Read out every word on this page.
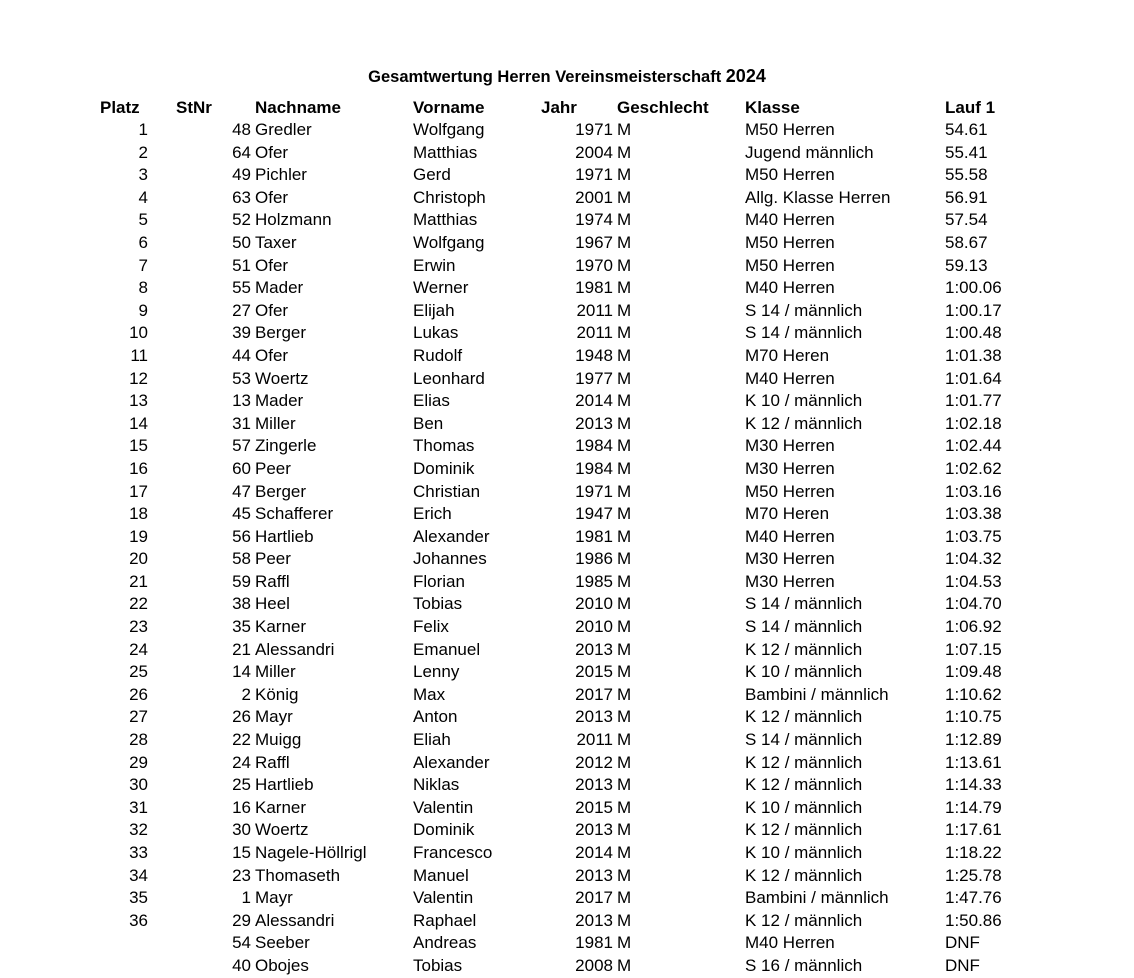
Gesamtwertung Herren Vereinsmeisterschaft 2024
Platz	StNr	Nachname	Vorname	Jahr	Geschlecht	Klasse	Lauf 1
1	48	Gredler	Wolfgang	1971	M	M50 Herren	54.61
2	64	Ofer	Matthias	2004	M	Jugend männlich	55.41
3	49	Pichler	Gerd	1971	M	M50 Herren	55.58
4	63	Ofer	Christoph	2001	M	Allg. Klasse Herren	56.91
5	52	Holzmann	Matthias	1974	M	M40 Herren	57.54
6	50	Taxer	Wolfgang	1967	M	M50 Herren	58.67
7	51	Ofer	Erwin	1970	M	M50 Herren	59.13
8	55	Mader	Werner	1981	M	M40 Herren	1:00.06
9	27	Ofer	Elijah	2011	M	S 14 / männlich	1:00.17
10	39	Berger	Lukas	2011	M	S 14 / männlich	1:00.48
11	44	Ofer	Rudolf	1948	M	M70 Heren	1:01.38
12	53	Woertz	Leonhard	1977	M	M40 Herren	1:01.64
13	13	Mader	Elias	2014	M	K 10 / männlich	1:01.77
14	31	Miller	Ben	2013	M	K 12 / männlich	1:02.18
15	57	Zingerle	Thomas	1984	M	M30 Herren	1:02.44
16	60	Peer	Dominik	1984	M	M30 Herren	1:02.62
17	47	Berger	Christian	1971	M	M50 Herren	1:03.16
18	45	Schafferer	Erich	1947	M	M70 Heren	1:03.38
19	56	Hartlieb	Alexander	1981	M	M40 Herren	1:03.75
20	58	Peer	Johannes	1986	M	M30 Herren	1:04.32
21	59	Raffl	Florian	1985	M	M30 Herren	1:04.53
22	38	Heel	Tobias	2010	M	S 14 / männlich	1:04.70
23	35	Karner	Felix	2010	M	S 14 / männlich	1:06.92
24	21	Alessandri	Emanuel	2013	M	K 12 / männlich	1:07.15
25	14	Miller	Lenny	2015	M	K 10 / männlich	1:09.48
26	2	König	Max	2017	M	Bambini / männlich	1:10.62
27	26	Mayr	Anton	2013	M	K 12 / männlich	1:10.75
28	22	Muigg	Eliah	2011	M	S 14 / männlich	1:12.89
29	24	Raffl	Alexander	2012	M	K 12 / männlich	1:13.61
30	25	Hartlieb	Niklas	2013	M	K 12 / männlich	1:14.33
31	16	Karner	Valentin	2015	M	K 10 / männlich	1:14.79
32	30	Woertz	Dominik	2013	M	K 12 / männlich	1:17.61
33	15	Nagele-Höllrigl	Francesco	2014	M	K 10 / männlich	1:18.22
34	23	Thomaseth	Manuel	2013	M	K 12 / männlich	1:25.78
35	1	Mayr	Valentin	2017	M	Bambini / männlich	1:47.76
36	29	Alessandri	Raphael	2013	M	K 12 / männlich	1:50.86
	54	Seeber	Andreas	1981	M	M40 Herren	DNF
	40	Obojes	Tobias	2008	M	S 16 / männlich	DNF
